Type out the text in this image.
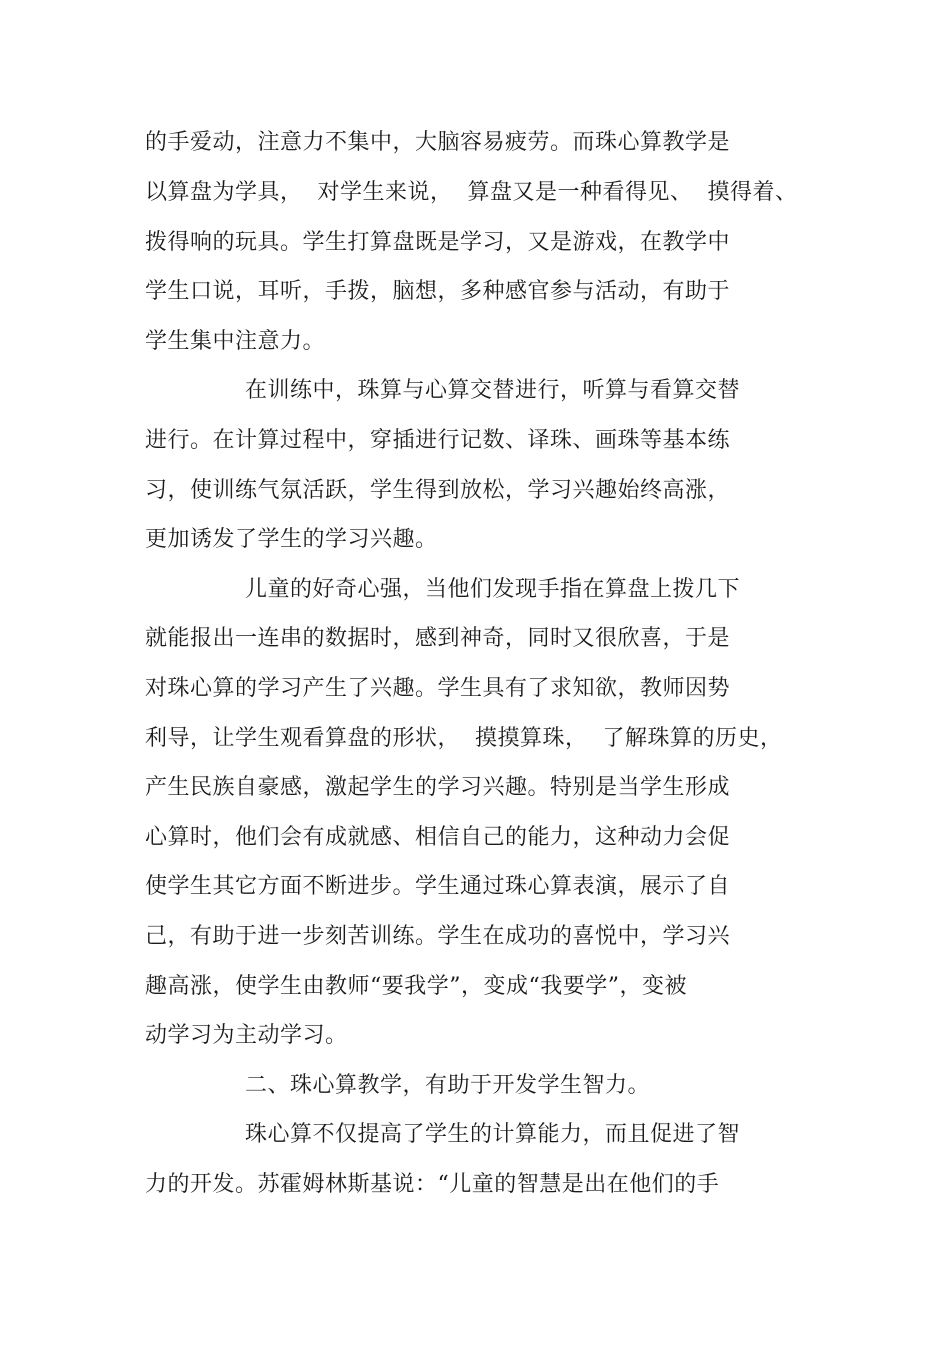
的手爱动，注意力不集中，大脑容易疲劳。而珠心算教学是
以算盘为学具，  对学生来说，  算盘又是一种看得见、  摸得着、
拨得响的玩具。学生打算盘既是学习，又是游戏，在教学中
学生口说，耳听，手拨，脑想，多种感官参与活动，有助于
学生集中注意力。
在训练中，珠算与心算交替进行，听算与看算交替
进行。在计算过程中，穿插进行记数、译珠、画珠等基本练
习，使训练气氛活跃，学生得到放松，学习兴趣始终高涨，
更加诱发了学生的学习兴趣。
儿童的好奇心强，当他们发现手指在算盘上拨几下
就能报出一连串的数据时，感到神奇，同时又很欣喜，于是
对珠心算的学习产生了兴趣。学生具有了求知欲，教师因势
利导，让学生观看算盘的形状，  摸摸算珠，  了解珠算的历史，
产生民族自豪感，激起学生的学习兴趣。特别是当学生形成
心算时，他们会有成就感、相信自己的能力，这种动力会促
使学生其它方面不断进步。学生通过珠心算表演，展示了自
己，有助于进一步刻苦训练。学生在成功的喜悦中，学习兴
趣高涨，使学生由教师“要我学”，变成“我要学”，变被
动学习为主动学习。
二、珠心算教学，有助于开发学生智力。
珠心算不仅提高了学生的计算能力，而且促进了智
力的开发。苏霍姆林斯基说：“儿童的智慧是出在他们的手
